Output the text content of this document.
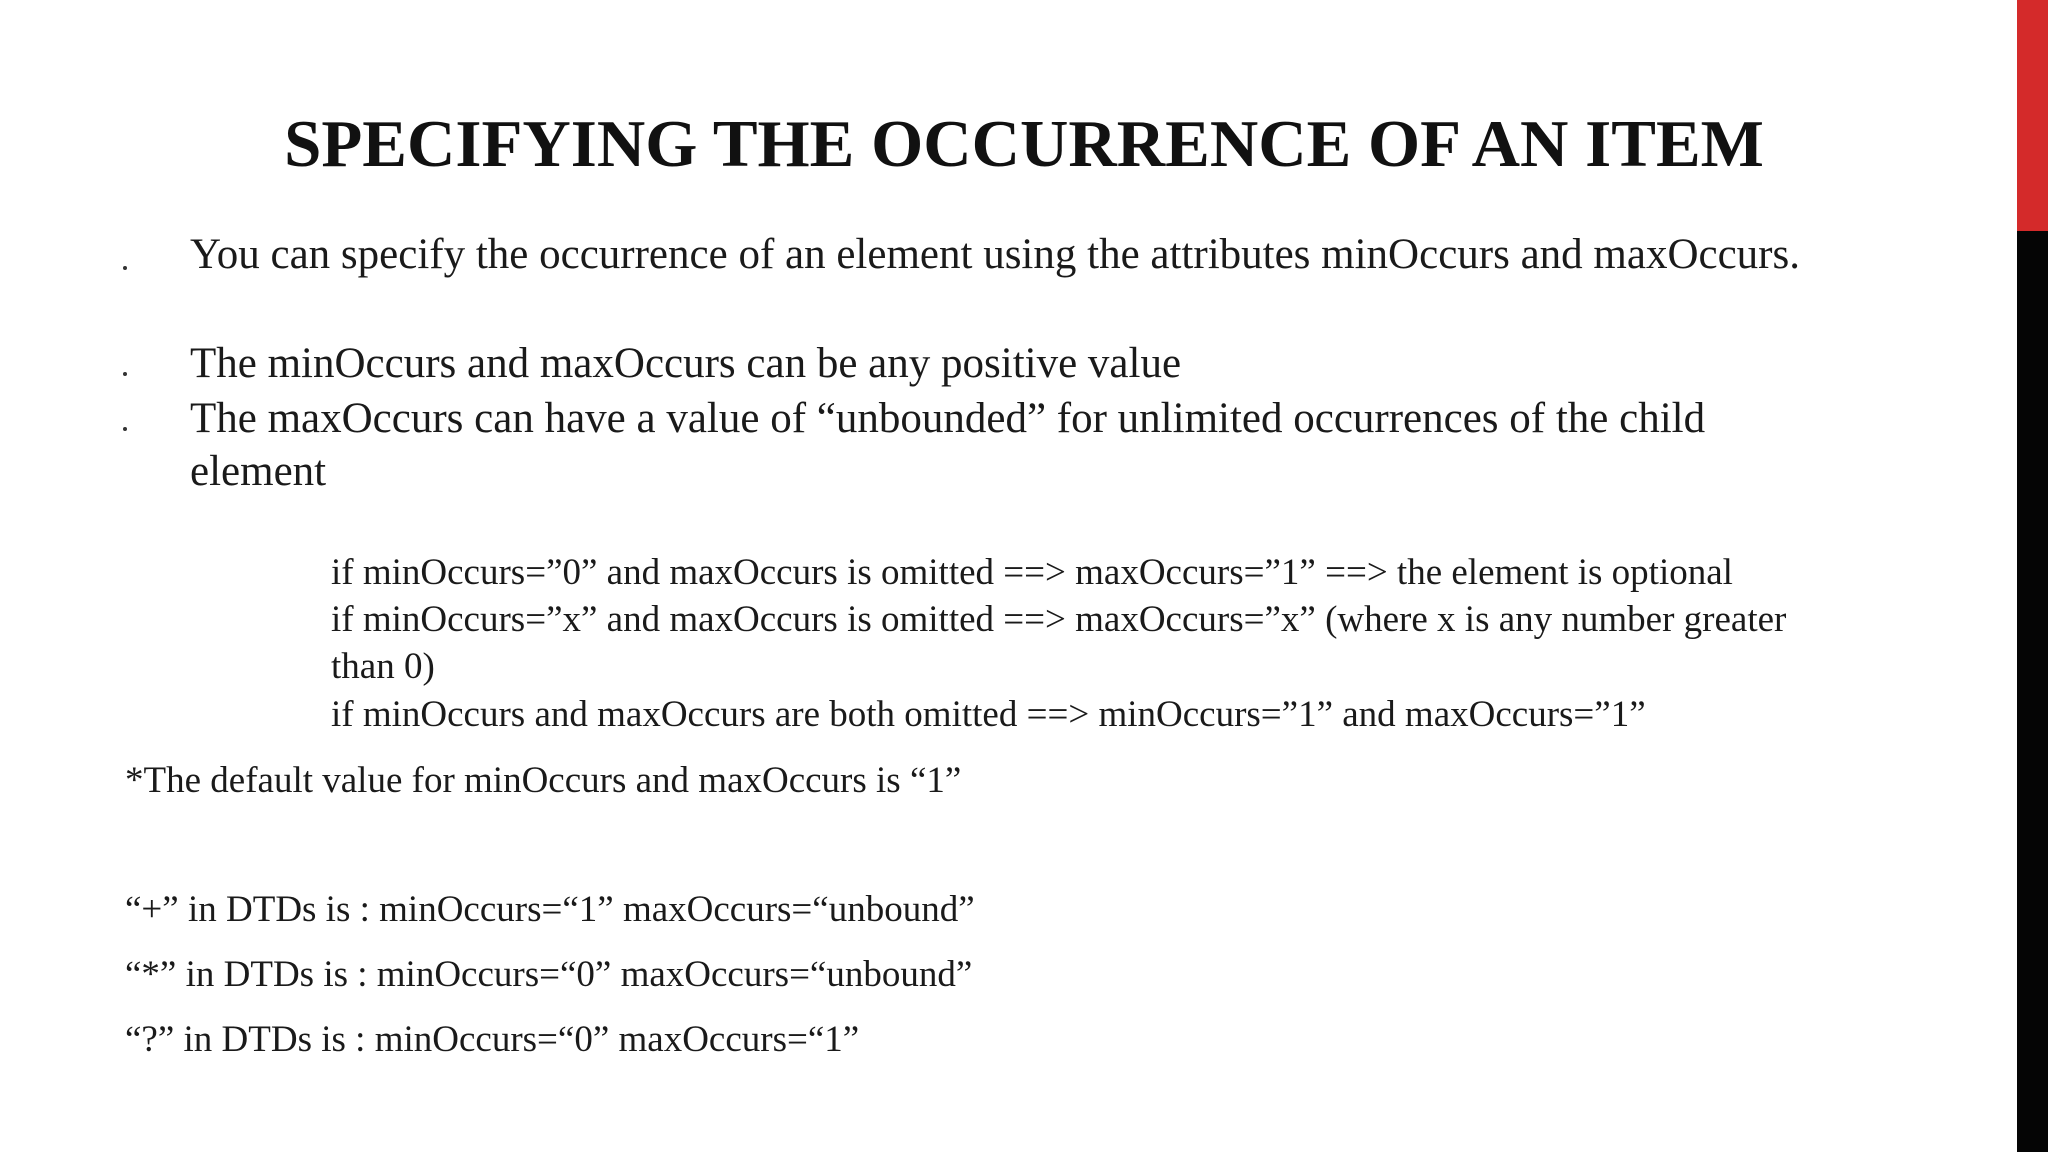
SPECIFYING THE OCCURRENCE OF AN ITEM
You can specify the occurrence of an element using the attributes minOccurs and maxOccurs.
The minOccurs and maxOccurs can be any positive value
The maxOccurs can have a value of “unbounded” for unlimited occurrences of the child
element
if minOccurs=”0” and maxOccurs is omitted ==> maxOccurs=”1” ==> the element is optional
if minOccurs=”x” and maxOccurs is omitted ==> maxOccurs=”x” (where x is any number greater
than 0)
if minOccurs and maxOccurs are both omitted ==> minOccurs=”1” and maxOccurs=”1”
*The default value for minOccurs and maxOccurs is “1”
“+” in DTDs is : minOccurs=“1” maxOccurs=“unbound”
“*” in DTDs is : minOccurs=“0” maxOccurs=“unbound”
“?” in DTDs is : minOccurs=“0” maxOccurs=“1”
